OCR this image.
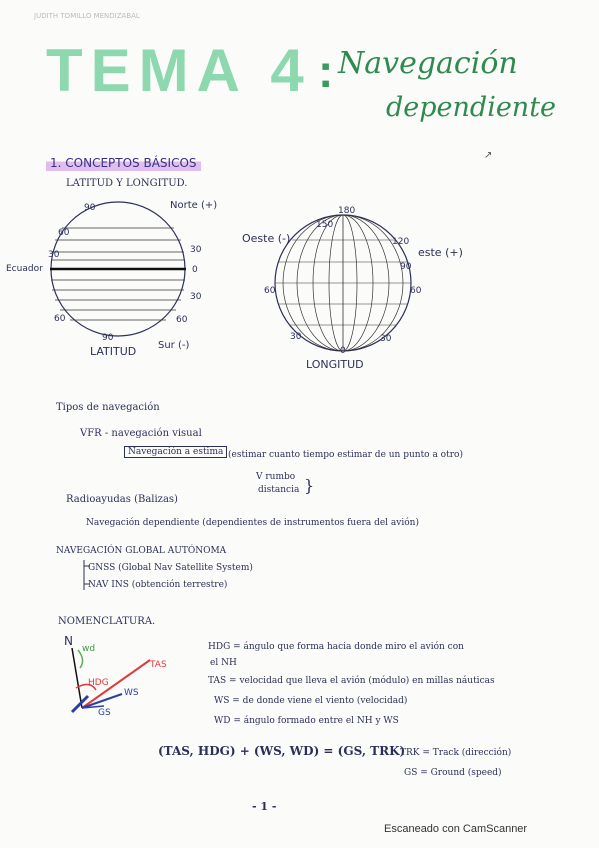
JUDITH TOMILLO MENDIZABAL
TEMA 4 : Navegación
dependiente
1. CONCEPTOS BÁSICOS
LATITUD Y LONGITUD.
Norte (+)
Sur (-)
Ecuador
LATITUD
90
60
30	30
0
30
60
60
90
Oeste (-)
este (+)
LONGITUD
180
150
120
90
60	60
30	30
0
Tipos de navegación
VFR - navegación visual
Navegación a estima (estimar cuanto tiempo estimar de un punto a otro)
V rumbo
distancia }
Radioayudas (Balizas)
Navegación dependiente (dependientes de instrumentos fuera del avión)
NAVEGACIÓN GLOBAL AUTÓNOMA
GNSS (Global Nav Satellite System)
NAV INS (obtención terrestre)
↗
NOMENCLATURA.
N
wd
TAS
HDG
WS
GS
HDG = ángulo que forma hacia donde miro el avión con
el NH
TAS = velocidad que lleva el avión (módulo) en millas náuticas
WS = de donde viene el viento (velocidad)
WD = ángulo formado entre el NH y WS
(TAS, HDG) + (WS, WD) = (GS, TRK)
TRK = Track (dirección)
GS = Ground (speed)
- 1 -
Escaneado con CamScanner
